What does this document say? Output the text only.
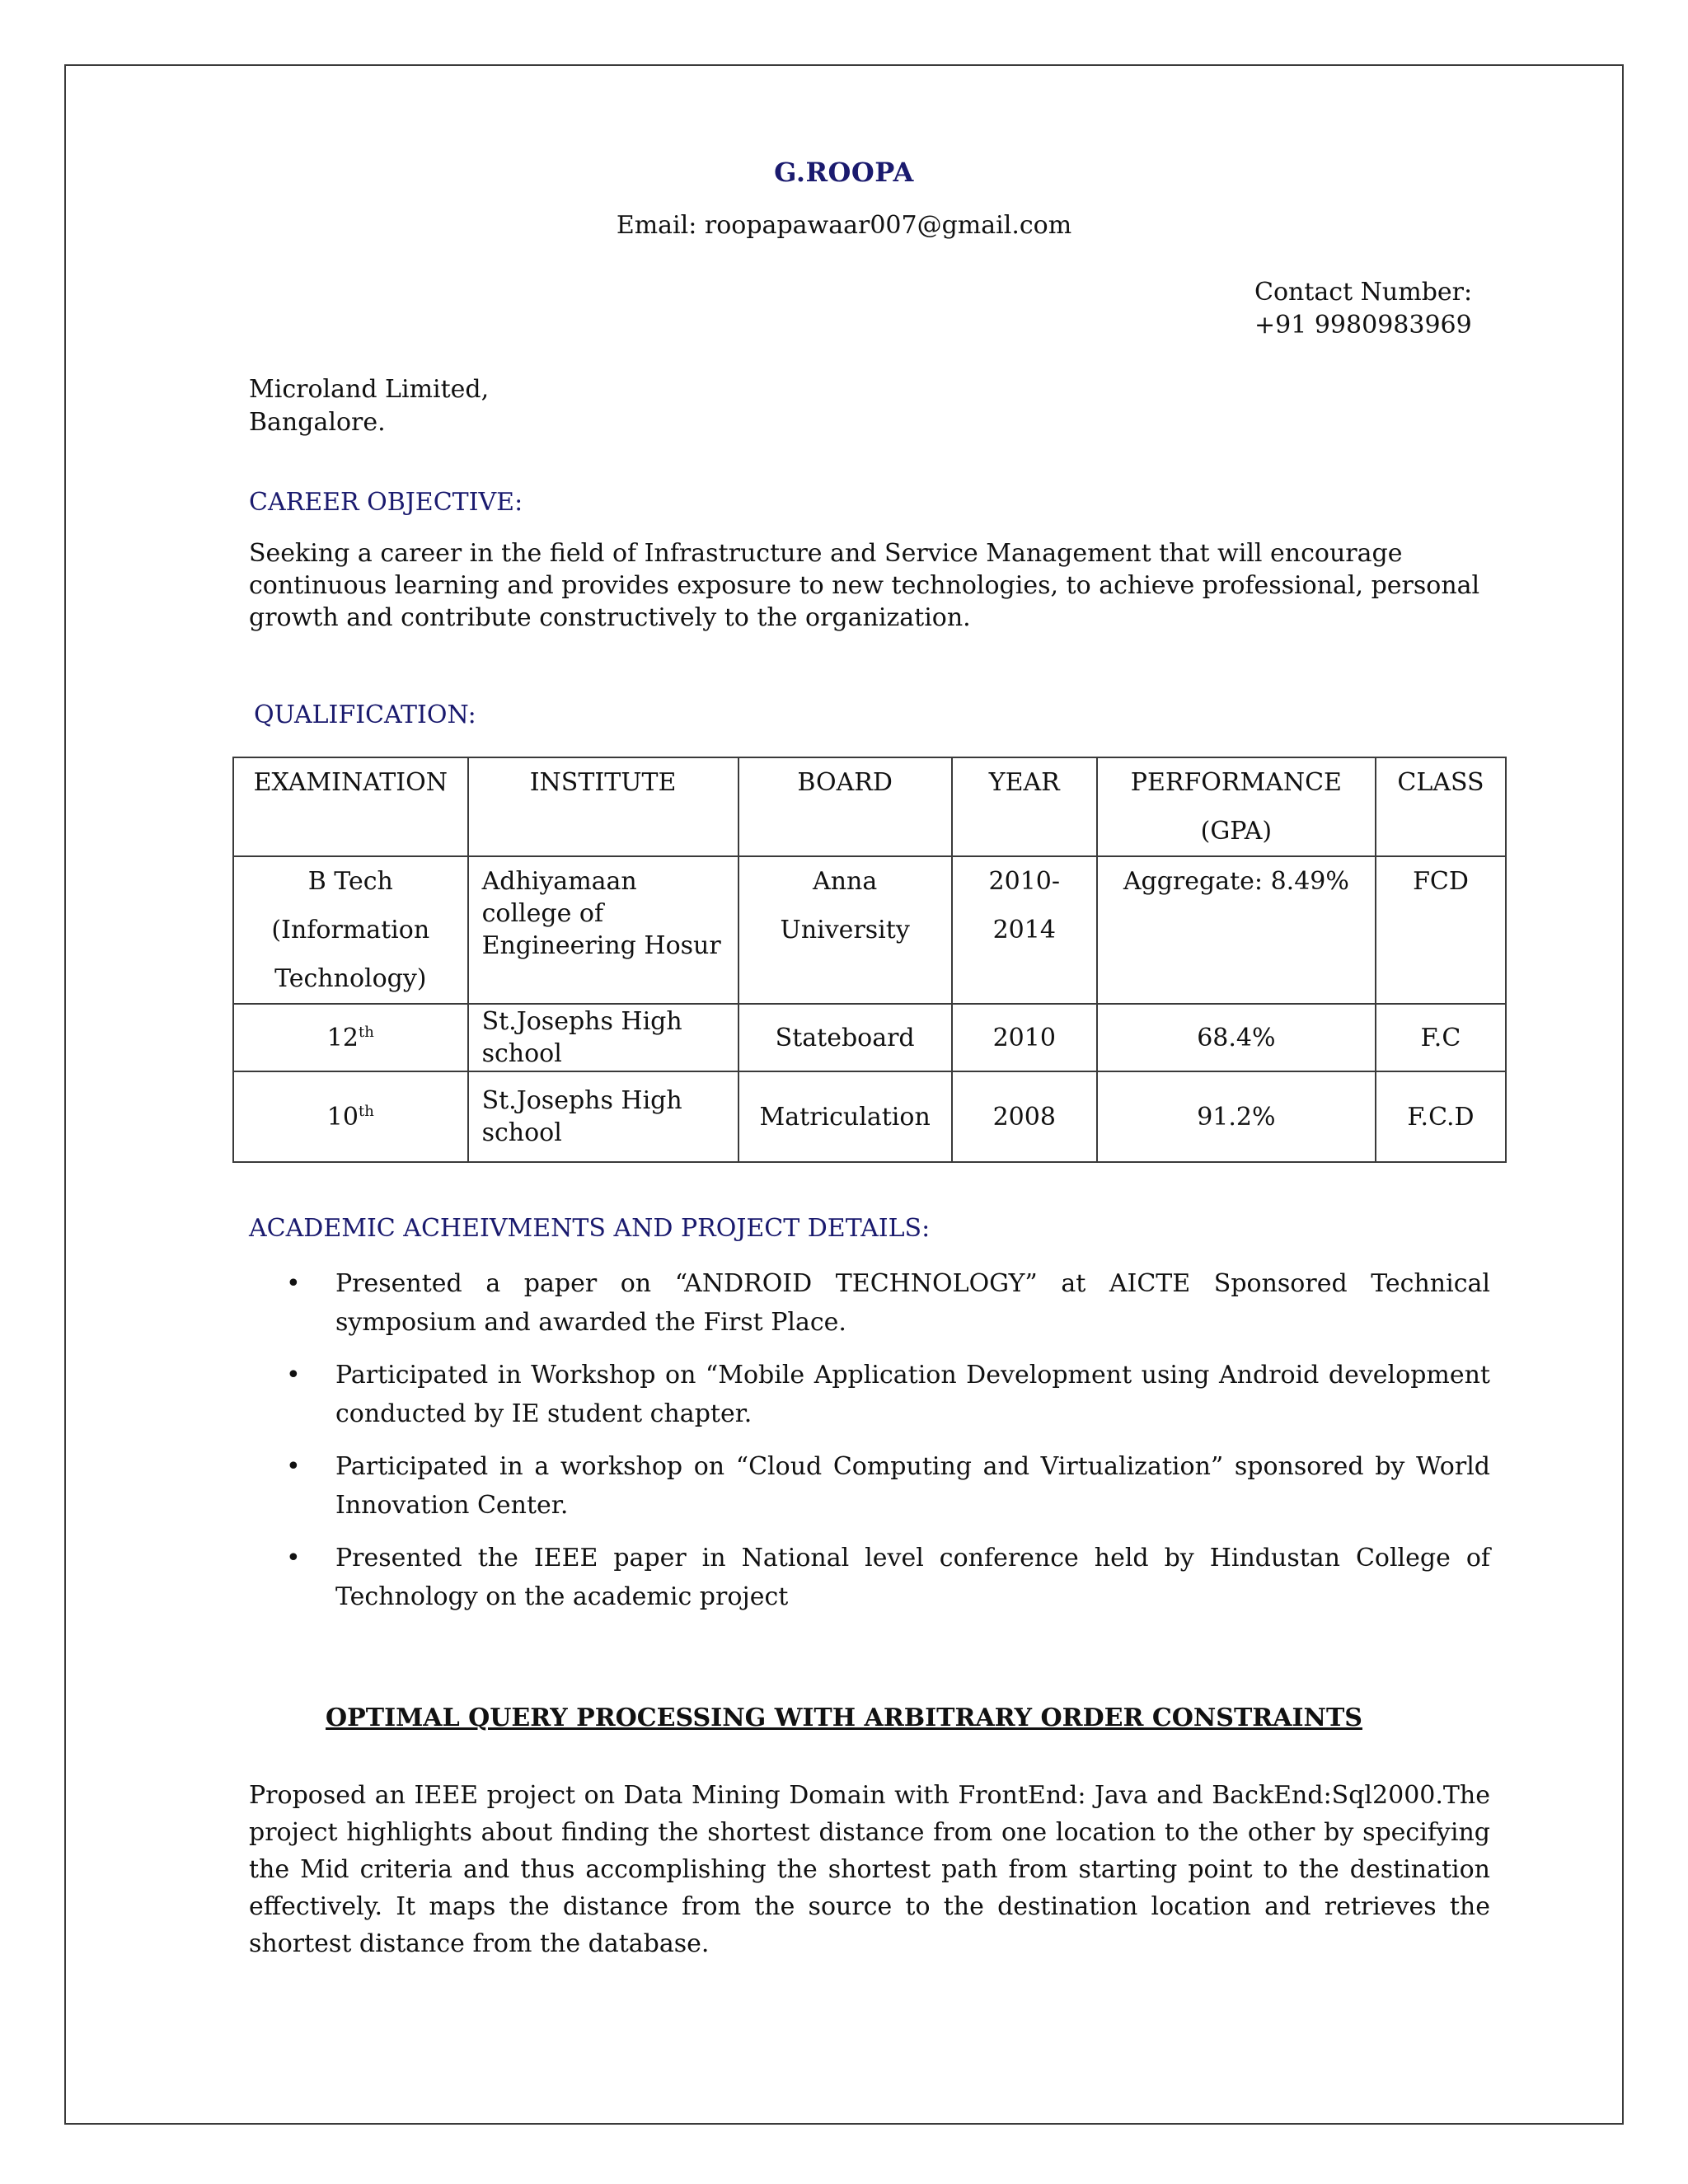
G.ROOPA
Email: roopapawaar007@gmail.com
Contact Number:
+91 9980983969
Microland Limited,
Bangalore.
CAREER OBJECTIVE:
Seeking a career in the field of Infrastructure and Service Management that will encourage continuous learning and provides exposure to new technologies, to achieve professional, personal growth and contribute constructively to the organization.
QUALIFICATION:
EXAMINATION	INSTITUTE	BOARD	YEAR	PERFORMANCE (GPA)	CLASS
B Tech (Information Technology)	Adhiyamaan college of Engineering Hosur	Anna University	2010- 2014	Aggregate: 8.49%	FCD
12th	St.Josephs High school	Stateboard	2010	68.4%	F.C
10th	St.Josephs High school	Matriculation	2008	91.2%	F.C.D
ACADEMIC ACHEIVMENTS AND PROJECT DETAILS:
• Presented a paper on “ANDROID TECHNOLOGY” at AICTE Sponsored Technical symposium and awarded the First Place.
• Participated in Workshop on “Mobile Application Development using Android development conducted by IE student chapter.
• Participated in a workshop on “Cloud Computing and Virtualization” sponsored by World Innovation Center.
• Presented the IEEE paper in National level conference held by Hindustan College of Technology on the academic project
OPTIMAL QUERY PROCESSING WITH ARBITRARY ORDER CONSTRAINTS
Proposed an IEEE project on Data Mining Domain with FrontEnd: Java and BackEnd:Sql2000.The project highlights about finding the shortest distance from one location to the other by specifying the Mid criteria and thus accomplishing the shortest path from starting point to the destination effectively. It maps the distance from the source to the destination location and retrieves the shortest distance from the database.
